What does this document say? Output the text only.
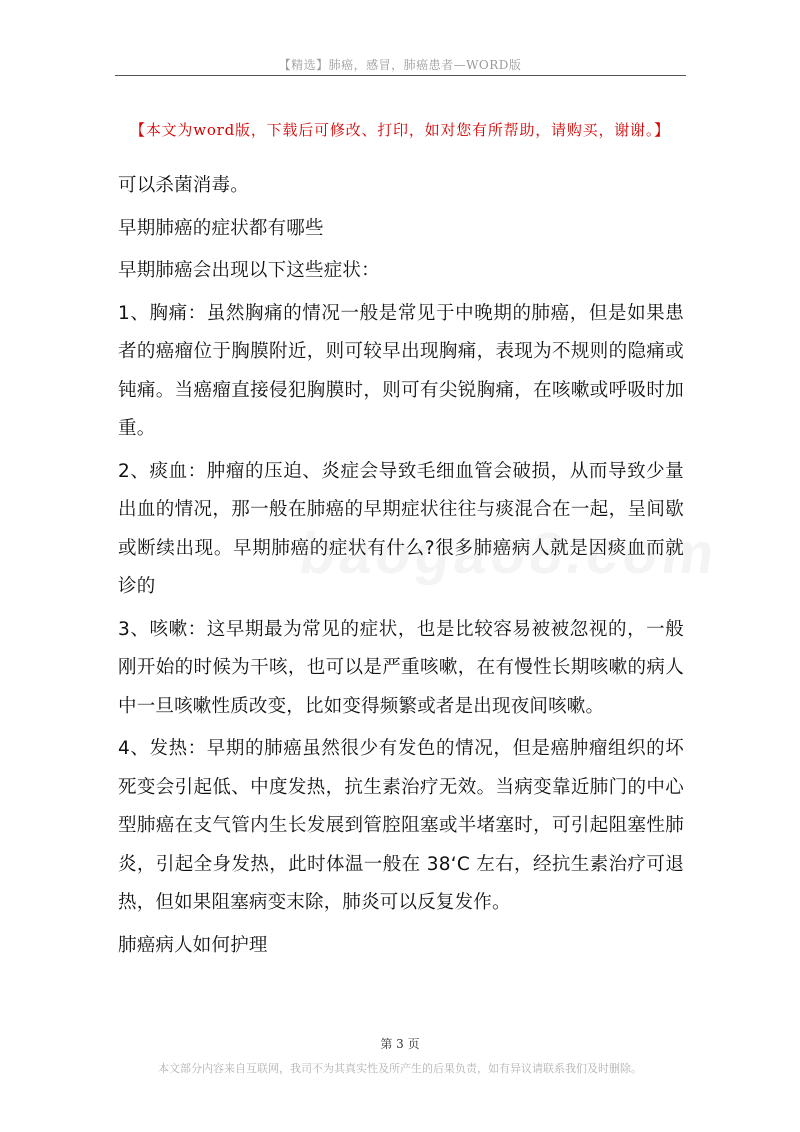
【精选】肺癌，感冒，肺癌患者—WORD版
【本文为word版，下载后可修改、打印，如对您有所帮助，请购买，谢谢。】

可以杀菌消毒。

早期肺癌的症状都有哪些

早期肺癌会出现以下这些症状：

1、胸痛：虽然胸痛的情况一般是常见于中晚期的肺癌，但是如果患者的癌瘤位于胸膜附近，则可较早出现胸痛，表现为不规则的隐痛或钝痛。当癌瘤直接侵犯胸膜时，则可有尖锐胸痛，在咳嗽或呼吸时加重。

2、痰血：肿瘤的压迫、炎症会导致毛细血管会破损，从而导致少量出血的情况，那一般在肺癌的早期症状往往与痰混合在一起，呈间歇或断续出现。早期肺癌的症状有什么?很多肺癌病人就是因痰血而就诊的

3、咳嗽：这早期最为常见的症状，也是比较容易被被忽视的，一般刚开始的时候为干咳，也可以是严重咳嗽，在有慢性长期咳嗽的病人中一旦咳嗽性质改变，比如变得频繁或者是出现夜间咳嗽。

4、发热：早期的肺癌虽然很少有发色的情况，但是癌肿瘤组织的坏死变会引起低、中度发热，抗生素治疗无效。当病变靠近肺门的中心型肺癌在支气管内生长发展到管腔阻塞或半堵塞时，可引起阻塞性肺炎，引起全身发热，此时体温一般在 38‘C 左右，经抗生素治疗可退热，但如果阻塞病变末除，肺炎可以反复发作。

肺癌病人如何护理

第 3 页
本文部分内容来自互联网，我司不为其真实性及所产生的后果负责，如有异议请联系我们及时删除。
